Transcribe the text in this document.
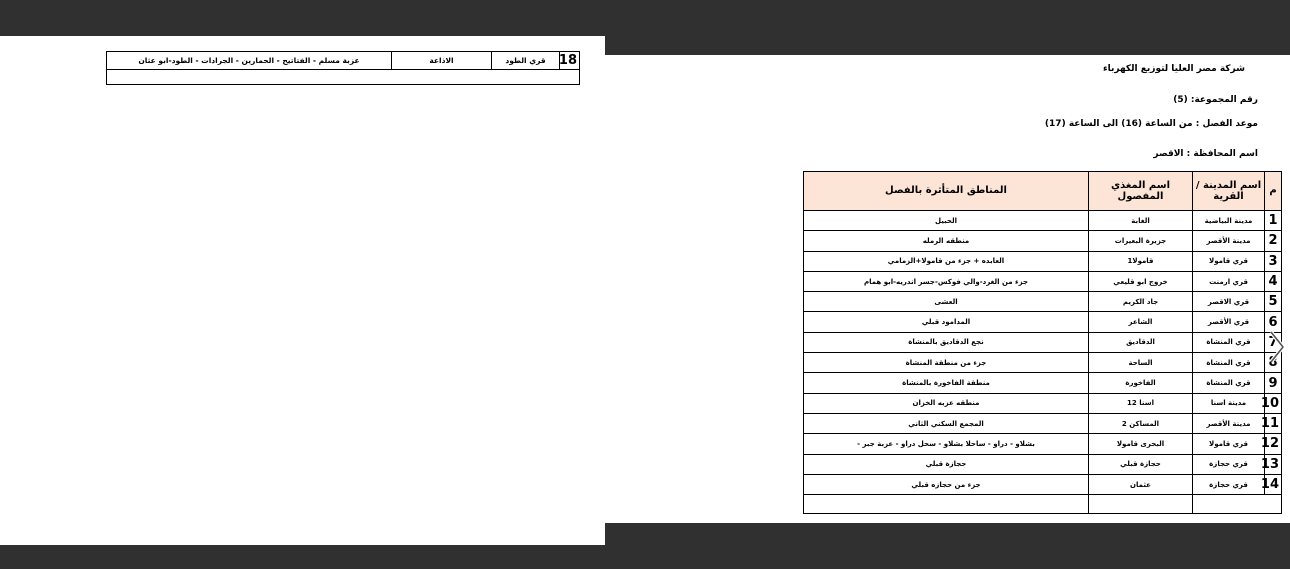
18	قري الطود	الاذاعة	عزبة مسلم - الفتاتيح - الحمارين - الجرادات - الطود-ابو عثان

شركة مصر العليا لتوزيع الكهرباء
رقم المجموعة: (5)
موعد الفصل : من الساعة (16) الى الساعة (17)
اسم المحافظة : الاقصر
م	اسم المدينة / القرية	اسم المغذي المفصول	المناطق المتأثرة بالفصل
1	مدينة البياضية	الغابة	الحبيل
2	مدينة الأقصر	جزيرة البعيرات	منطقه الرمله
3	قري قامولا	قامولا1	العابده + جزء من قامولا+الزمامي
4	قري ارمنت	خروج ابو قليعي	جزء من الغرد-والي فوكس-جسر اندريه-ابو همام
5	قري الاقصر	جاد الكريم	العشى
6	قري الأقصر	الشاعر	المدامود قبلي
7	قري المنشاة	الدقاديق	نجع الدقاديق بالمنشاة
8	قري المنشاة	الساحة	جزء من منطقة المنشاة
9	قري المنشاة	الفاخورة	منطقة الفاخورة بالمنشاة
10	مدينة اسنا	اسنا 12	منطقه عزبه الخزان
11	مدينة الأقصر	المساكن 2	المجمع السكني الثاني
12	قري قامولا	البحرى قامولا	بشلاو - دراو - ساحلا بشلاو - سحل دراو - عزبة جبر -
13	قري حجازة	حجازة قبلي	حجازة قبلي
14	قري حجازة	عثمان	جزء من حجازه قبلي
